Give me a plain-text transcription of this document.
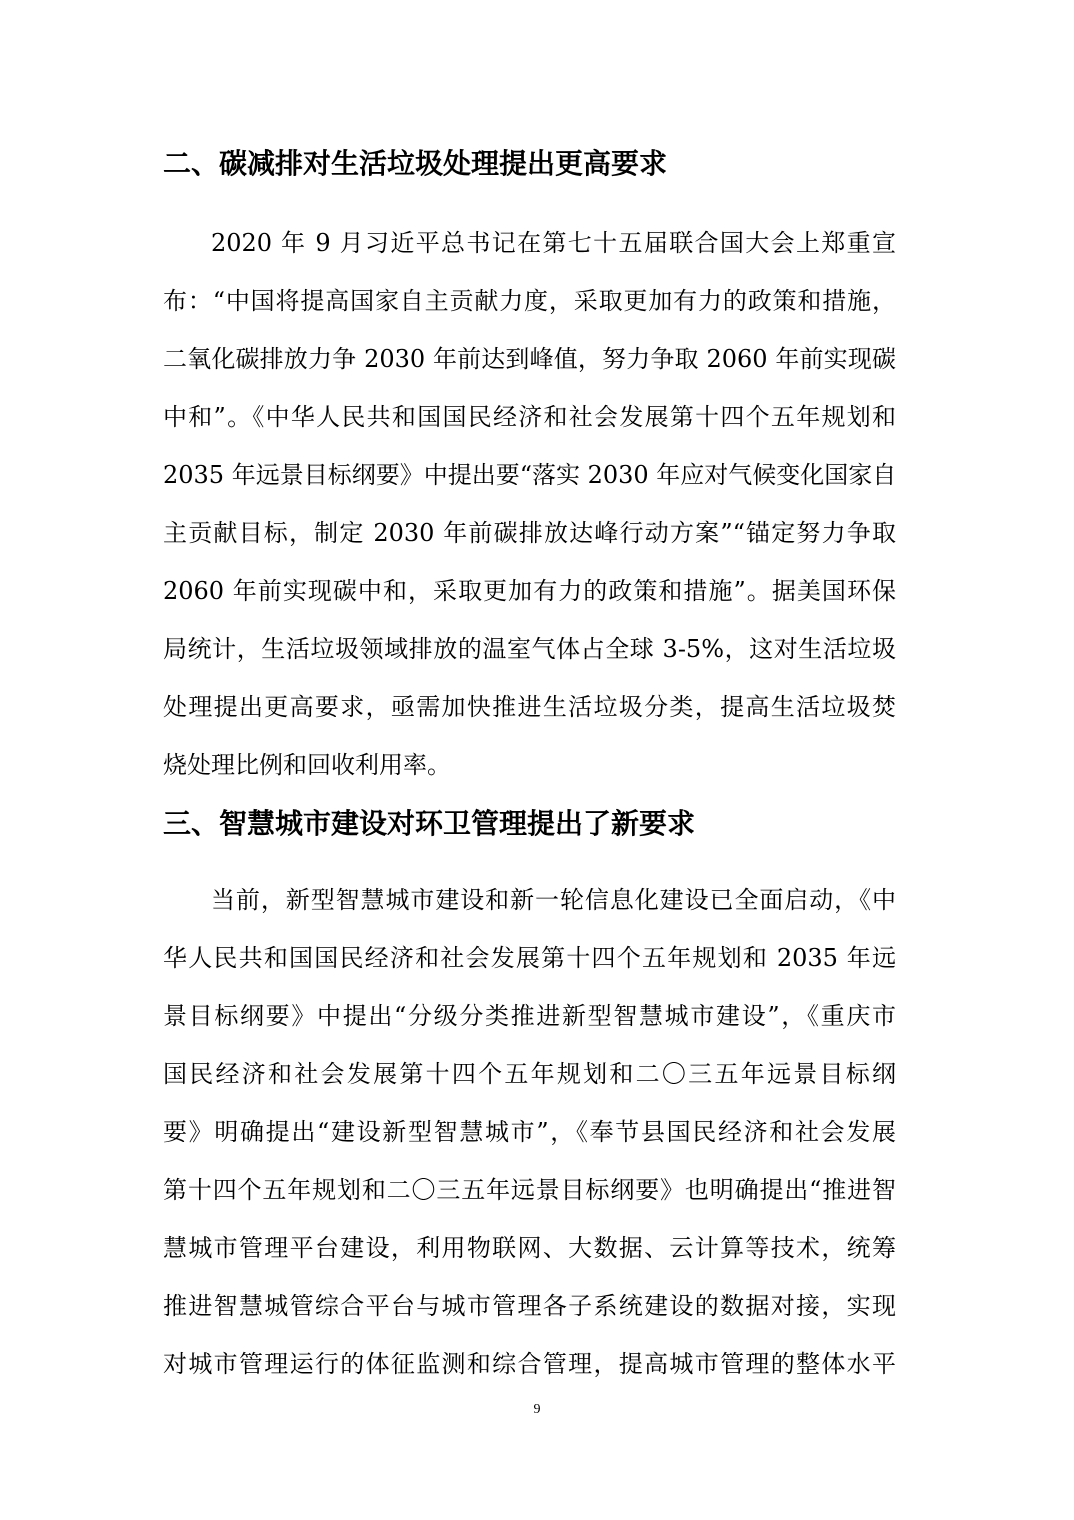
二、碳减排对生活垃圾处理提出更高要求
2020 年 9 月习近平总书记在第七十五届联合国大会上郑重宣
布：“中国将提高国家自主贡献力度，采取更加有力的政策和措施，
二氧化碳排放力争 2030 年前达到峰值，努力争取 2060 年前实现碳
中和”。《中华人民共和国国民经济和社会发展第十四个五年规划和
2035 年远景目标纲要》中提出要“落实 2030 年应对气候变化国家自
主贡献目标，制定 2030 年前碳排放达峰行动方案”“锚定努力争取
2060 年前实现碳中和，采取更加有力的政策和措施”。据美国环保
局统计，生活垃圾领域排放的温室气体占全球 3-5%，这对生活垃圾
处理提出更高要求，亟需加快推进生活垃圾分类，提高生活垃圾焚
烧处理比例和回收利用率。
三、智慧城市建设对环卫管理提出了新要求
当前，新型智慧城市建设和新一轮信息化建设已全面启动，《中
华人民共和国国民经济和社会发展第十四个五年规划和 2035 年远
景目标纲要》中提出“分级分类推进新型智慧城市建设”，《重庆市
国民经济和社会发展第十四个五年规划和二〇三五年远景目标纲
要》明确提出“建设新型智慧城市”，《奉节县国民经济和社会发展
第十四个五年规划和二〇三五年远景目标纲要》也明确提出“推进智
慧城市管理平台建设，利用物联网、大数据、云计算等技术，统筹
推进智慧城管综合平台与城市管理各子系统建设的数据对接，实现
对城市管理运行的体征监测和综合管理，提高城市管理的整体水平
9
